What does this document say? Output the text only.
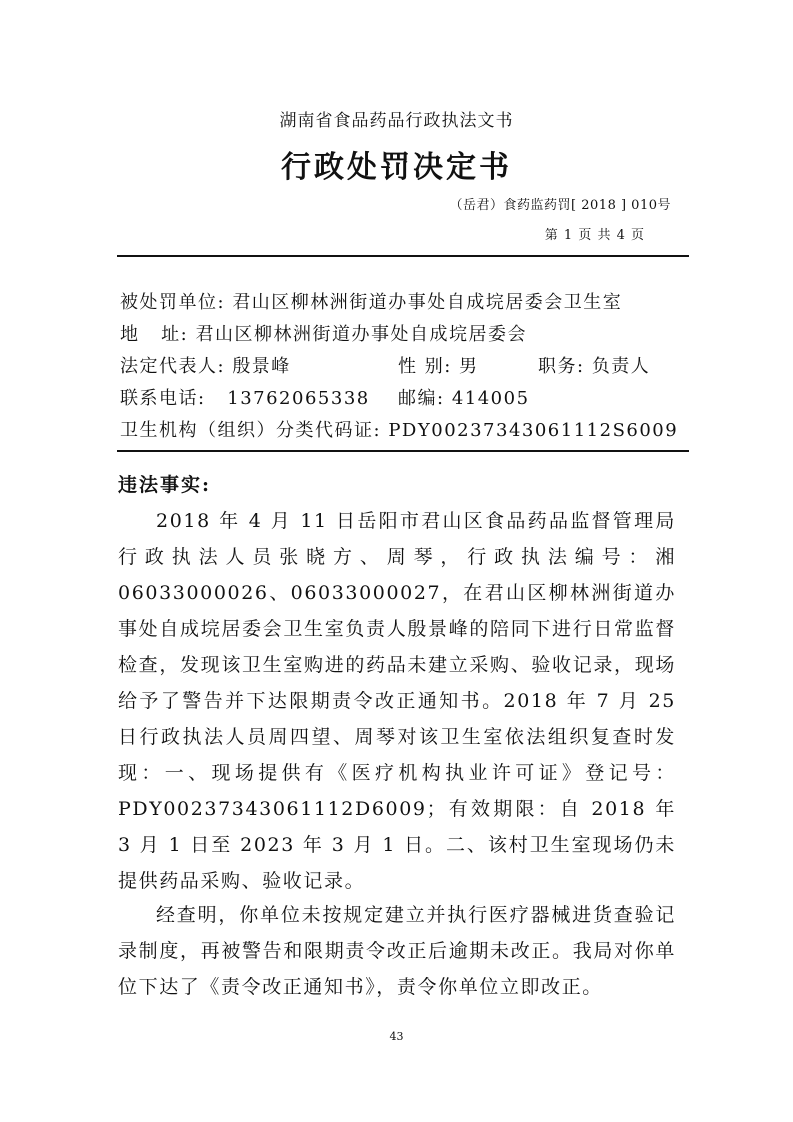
湖南省食品药品行政执法文书
行政处罚决定书
（岳君）食药监药罚[ 2018 ] 010号
第 1 页 共 4 页
被处罚单位: 君山区柳林洲街道办事处自成垸居委会卫生室
地   址: 君山区柳林洲街道办事处自成垸居委会
法定代表人: 殷景峰	性 别: 男	职务: 负责人
联系电话: 13762065338 邮编: 414005
卫生机构（组织）分类代码证: PDY00237343061112S6009
违法事实:
2018 年 4 月 11 日岳阳市君山区食品药品监督管理局行政执法人员张晓方、周琴，行政执法编号：湘06033000026、06033000027，在君山区柳林洲街道办事处自成垸居委会卫生室负责人殷景峰的陪同下进行日常监督检查，发现该卫生室购进的药品未建立采购、验收记录，现场给予了警告并下达限期责令改正通知书。2018 年 7 月 25 日行政执法人员周四望、周琴对该卫生室依法组织复查时发现：一、现场提供有《医疗机构执业许可证》登记号：PDY00237343061112D6009；有效期限：自 2018 年 3 月 1 日至 2023 年 3 月 1 日。二、该村卫生室现场仍未提供药品采购、验收记录。
经查明，你单位未按规定建立并执行医疗器械进货查验记录制度，再被警告和限期责令改正后逾期未改正。我局对你单位下达了《责令改正通知书》，责令你单位立即改正。
43
